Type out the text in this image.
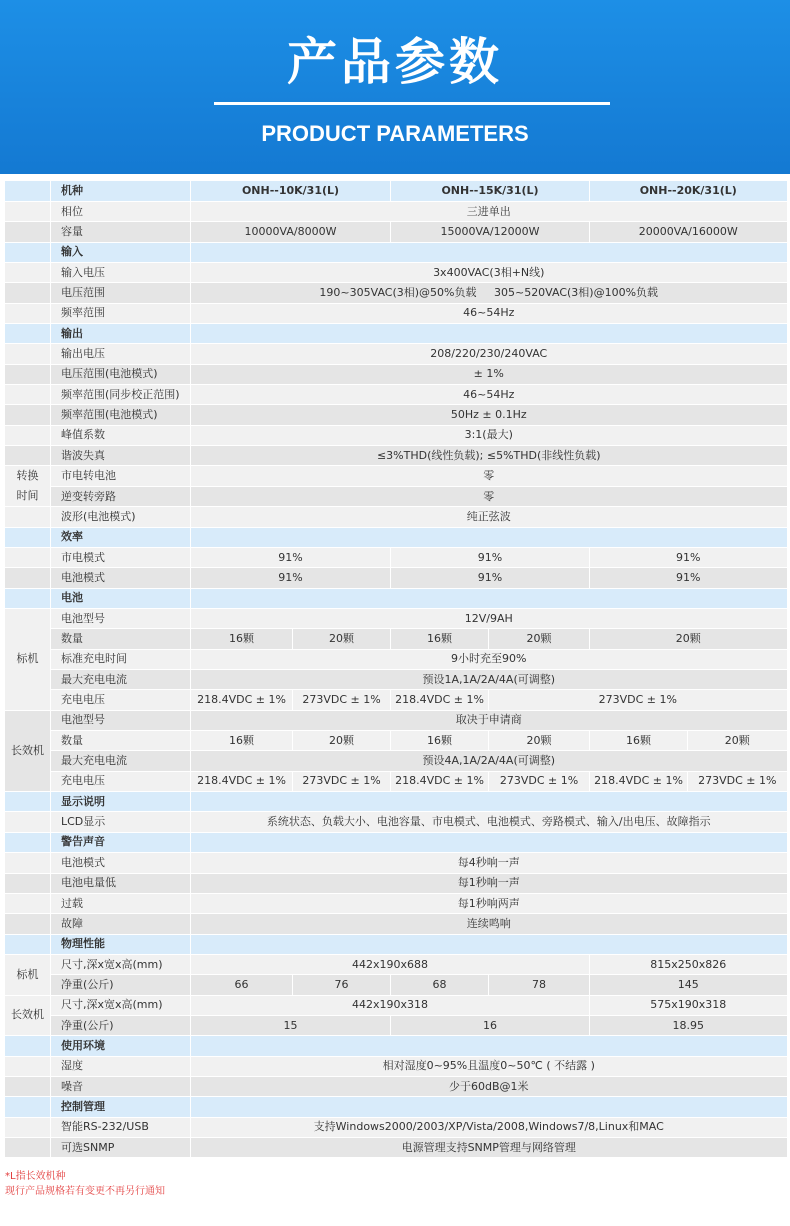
产品参数
PRODUCT PARAMETERS
	机种	ONH--10K/31(L)		ONH--15K/31(L)		ONH--20K/31(L)	
	相位	三进单出					
	容量	10000VA/8000W		15000VA/12000W		20000VA/16000W	
	输入						
	输入电压	3x400VAC(3相+N线)					
	电压范围	190~305VAC(3相)@50%负载     305~520VAC(3相)@100%负载					
	频率范围	46~54Hz					
	输出						
	输出电压	208/220/230/240VAC					
	电压范围(电池模式)	± 1%					
	频率范围(同步校正范围)	46~54Hz					
	频率范围(电池模式)	50Hz ± 0.1Hz					
	峰值系数	3:1(最大)					
	谐波失真	≤3%THD(线性负载); ≤5%THD(非线性负载)					
转换
时间	市电转电池	零					
	逆变转旁路	零					
	波形(电池模式)	纯正弦波					
	效率						
	市电模式	91%		91%		91%	
	电池模式	91%		91%		91%	
	电池						
标机	电池型号	12V/9AH					
	数量	16颗	20颗	16颗	20颗	20颗	
	标准充电时间	9小时充至90%					
	最大充电电流	预设1A,1A/2A/4A(可调整)					
	充电电压	218.4VDC ± 1%	273VDC ± 1%	218.4VDC ± 1%	273VDC ± 1%		
长效机	电池型号	取决于申请商					
	数量	16颗	20颗	16颗	20颗	16颗	20颗
	最大充电电流	预设4A,1A/2A/4A(可调整)					
	充电电压	218.4VDC ± 1%	273VDC ± 1%	218.4VDC ± 1%	273VDC ± 1%	218.4VDC ± 1%	273VDC ± 1%
	显示说明						
	LCD显示	系统状态、负载大小、电池容量、市电模式、电池模式、旁路模式、输入/出电压、故障指示					
	警告声音						
	电池模式	每4秒响一声					
	电池电量低	每1秒响一声					
	过载	每1秒响两声					
	故障	连续鸣响					
	物理性能						
标机	尺寸,深x宽x高(mm)	442x190x688				815x250x826	
	净重(公斤)	66	76	68	78	145	
长效机	尺寸,深x宽x高(mm)	442x190x318				575x190x318	
	净重(公斤)	15		16		18.95	
	使用环境						
	湿度	相对湿度0~95%且温度0~50℃ ( 不结露 )					
	噪音	少于60dB@1米					
	控制管理						
	智能RS-232/USB	支持Windows2000/2003/XP/Vista/2008,Windows7/8,Linux和MAC					
	可选SNMP	电源管理支持SNMP管理与网络管理					
*L指长效机种
现行产品规格若有变更不再另行通知
